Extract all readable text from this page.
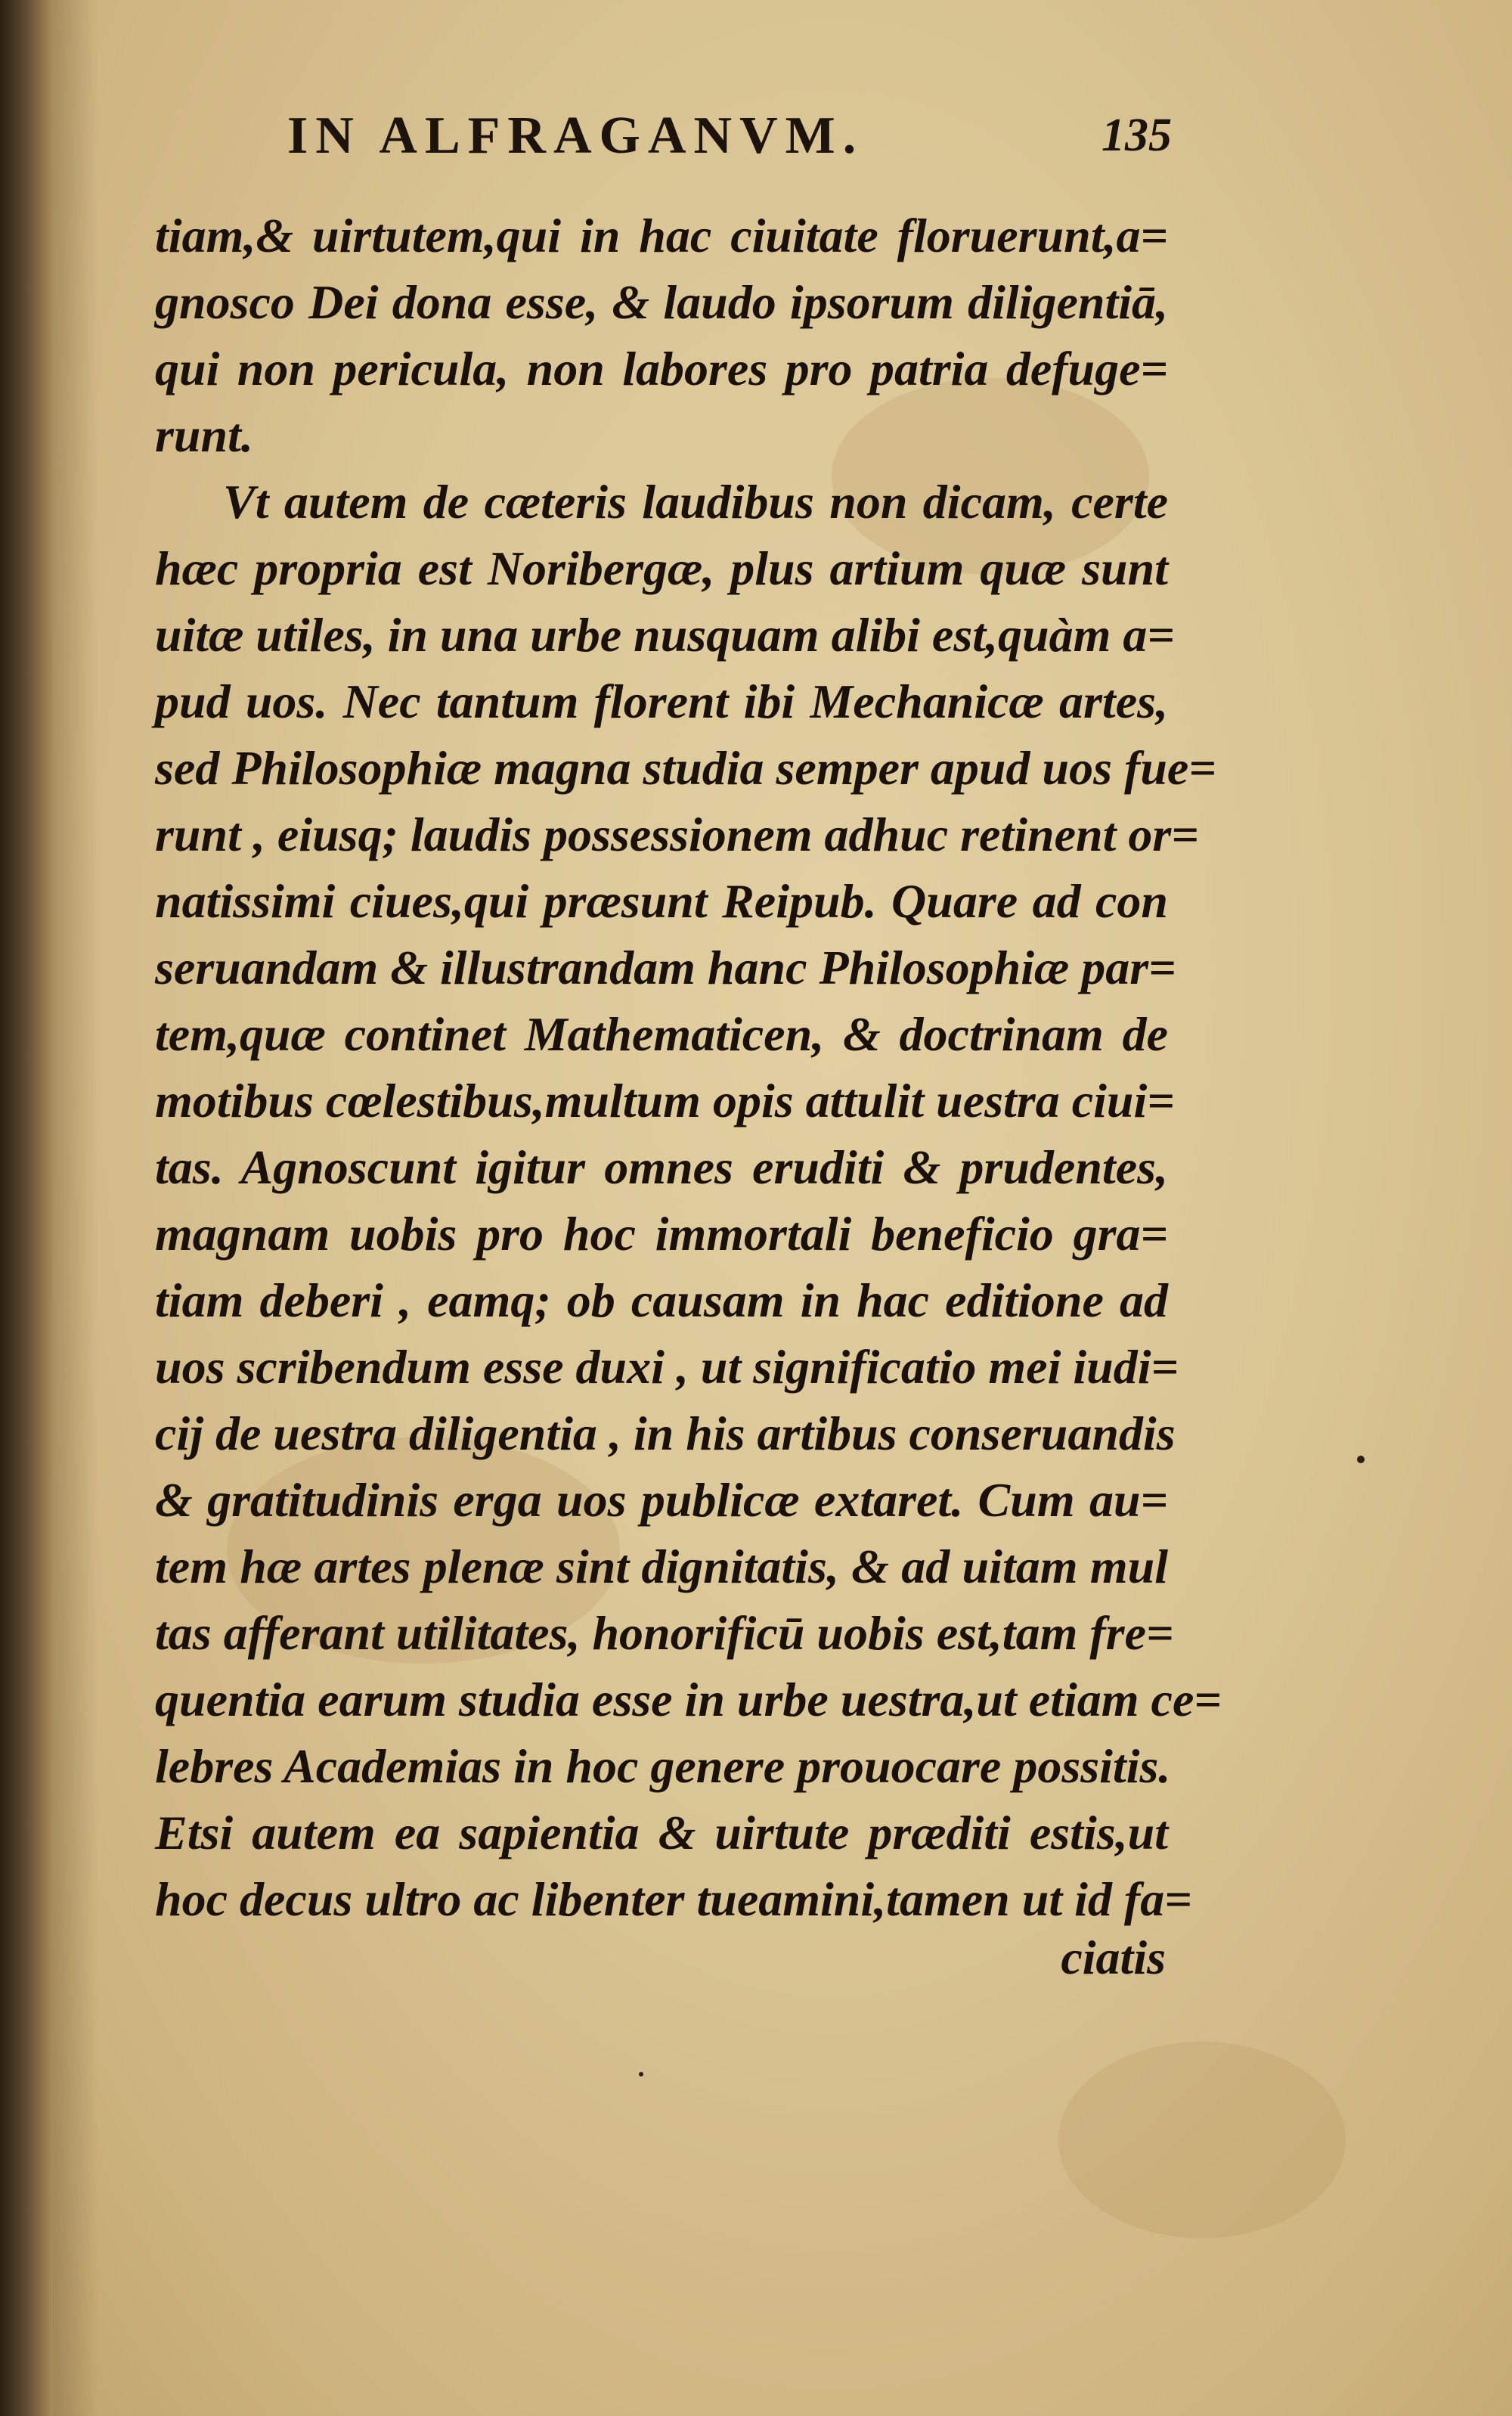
IN ALFRAGANVM.	135
tiam,& uirtutem,qui in hac ciuitate floruerunt,a=
gnosco Dei dona esse, & laudo ipsorum diligentiā,
qui non pericula, non labores pro patria defuge=
runt.
Vt autem de cæteris laudibus non dicam, certe
hæc propria est Noribergæ, plus artium quæ sunt
uitæ utiles, in una urbe nusquam alibi est,quàm a=
pud uos. Nec tantum florent ibi Mechanicæ artes,
sed Philosophiæ magna studia semper apud uos fue=
runt , eiusq; laudis possessionem adhuc retinent or=
natissimi ciues,qui præsunt Reipub. Quare ad con
seruandam & illustrandam hanc Philosophiæ par=
tem,quæ continet Mathematicen, & doctrinam de
motibus cœlestibus,multum opis attulit uestra ciui=
tas. Agnoscunt igitur omnes eruditi & prudentes,
magnam uobis pro hoc immortali beneficio gra=
tiam deberi , eamq; ob causam in hac editione ad
uos scribendum esse duxi , ut significatio mei iudi=
cij de uestra diligentia , in his artibus conseruandis
& gratitudinis erga uos publicæ extaret. Cum au=
tem hæ artes plenæ sint dignitatis, & ad uitam mul
tas afferant utilitates, honorificū uobis est,tam fre=
quentia earum studia esse in urbe uestra,ut etiam ce=
lebres Academias in hoc genere prouocare possitis.
Etsi autem ea sapientia & uirtute præditi estis,ut
hoc decus ultro ac libenter tueamini,tamen ut id fa=
ciatis
